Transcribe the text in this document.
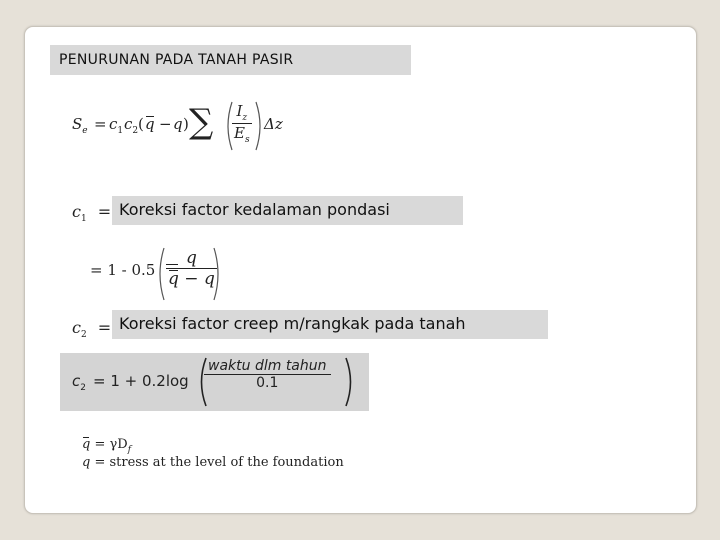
PENURUNAN PADA TANAH PASIR
$S_e = c_1$ $c_2$ ( q − q ) ∑ $\frac{I_z}{E_s}$ Δz
$c_1$ = Koreksi factor kedalaman pondasi
= $1 - 0.5 \frac{q}{q - q}$
$c_2$ = Koreksi factor creep m/rangkak pada tanah
$c_2 = 1 + 0.2\log$
waktu dlm tahun
0.1
$q = \gamma D_f$
q = stress at the level of the foundation
